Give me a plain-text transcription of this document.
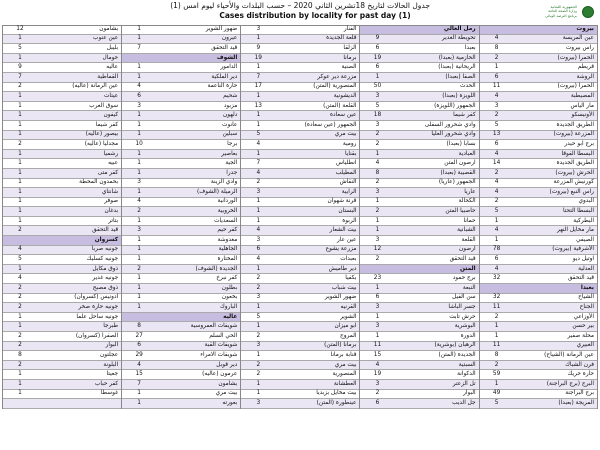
جدول الحالات لتاريخ 18تشرين الثاني 2020 – حسب البلدات والأحياء ليوم امس (1)
Cases distribution by locality for past day (1)
الجمهورية اللبنانية
وزارة الصحة العامة
برنامج الترصد الوبائي
12	بشامون
1	عين عنوب
5	بليبل
1	حومال
9	عاليه
7	القماطية
2	عين الرمانة (عاليه)
1	عيتات
1	سوق الغرب
1	كيفون
1	كفر شيما
1	بيصور (عاليه)
2	مجدليا (عاليه)
1	رشميا
1	عبيه
1	كفر متى
1	بحمدون المحطة
1	شانتاي
1	صوفر
1	بدغان
1	بتاتر
2	قيد التحقق
كسروان
4	جونيه صربا
5	جونيه كسليك
1	ذوق مكايل
4	جونيه غدير
2	ذوق مصبح
2	ادونيس (كسروان)
2	جونيه حارة صخر
1	جونيه ساحل علما
1	طبرجا
2	الصفرا (كسروان)
2	البوار
8	عجلتون
2	البلونة
1	جعيتا
1	كفر حباب
1	غوسطا
1	ضهور الشوير
1	عيرون
7	قيد التحقق
الشوف
1	الدامور
1	دير الملكية
4	حارة الناعمة
6	شحيم
3	مزبود
1	دلهون
1	عانوت
1	سبلين
10	برجا
1	بعاصير
1	الجية
1	جدرا
3	وادي الزينة
1	الرميلة (الشوف)
4	الوردانية
2	الخروبية
1	السعديات
3	كفر حيم
1	مغدوشة
1	الجاهلية
1	المختارة
2	الجديدة (الشوف)
1	كفر نبرخ
1	بطلون
1	بخعون
1	الباروك
عاليه
8	شويفات العمروسية
27	الحي السلم
6	شويفات القبة
29	شويفات الامراء
4	دير قوبل
15	عرمون (عاليه)
7	بشامون
1	بيت مري
1	بعورته
3	الفنار
1	قلعة الجديدة
9	الزلقا
19	برمانا
1	الصنية
7	مزرعة دير عوكر
17	المنصورية (المتن)
1	الديشونية
13	القلعة (المتن)
1	عين سعادة
1	الجمهور (عين سعادة)
5	بيت مري
4	رومية
1	بقنايا
7	انطلياس
4	المطيلب
2	النقاش
3	الرابية
1	قرنة شهوان
1	البستان
1	الربوة
4	بيت الشعار
3	عين عار
6	مزرعة يشوع
4	بعبدات
1	دير طاميش
2	بكفيا
2	بيت شباب
3	ضهور الشوير
1	القرنيه
5	الشوير
1	ابو ميزان
2	المروج
3	برمانا (المتن)
1	قنابة برمانا
2	بيت مري
2	المنصورية
1	العطشانة
1	بيت مخايل بزبديا
3	عينطورة (المتن)
رمل العالي
9	تحويطة الغدير
6	بعبدا
19	الحازمية (بعبدا)
6	الريحانية (بعبدا)
1	الصفا (بعبدا)
50	الحدث
3	اللويزة (بعبدا)
5	الجمهور (اللويزة)
18	كفر شيما
3	وادي شحرور السفلى
2	وادي شحرور العليا
2	بسابا (بعبدا)
1	العبادية
4	ارصون المتن
8	القصيبة (بعبدا)
2	الجمهور (عاريا)
3	عاريا
1	الكحالة
2	حاصبيا المتن
1	حمانا
1	الشبانية
3	القلعة
12	ارصون
2	قيد التحقق
المتن
23	برج حمود
1	النبعة
6	سن الفيل
3	جسر الباشا
1	حرش تابت
3	البوشرية
1	الدورة
11	الرهبان (بوشرية)
15	الجديدة (المتن)
4	السبتية
19	الدكوانة
3	تل الزعتر
2	البوار
6	جل الديب
بيروت
4	عين المريسة
8	راس بيروت
2	الحمرا (بيروت)
1	قريطم
6	الروشة
11	الحمرا (بيروت)
4	المصيطبة
3	مار الياس
2	الأونيسكو
5	الطريق الجديدة
13	المزرعة (بيروت)
6	برج ابو حيدر
4	البسطا الفوقا
14	الطريق الجديدة
2	الحرش (بيروت)
4	كورنيش المزرعة
4	راس النبع (بيروت)
2	البدوي
5	البسطا التحتا
1	البطركية
4	مار مخايل النهر
1	الصيفي
78	الأشرفية (بيروت)
6	اوتيل ديو
4	العدلية
32	قيد التحقق
بعبدا
32	الشياح
11	الجناح
2	الأوزاعي
1	بير حسن
1	محلة صفير
11	الغبيري
8	عين الرمانة (الشياح)
2	فرن الشباك
59	حارة حريك
1	البرج (برج البراجنة)
49	برج البراجنة
5	المريجة (بعبدا)
